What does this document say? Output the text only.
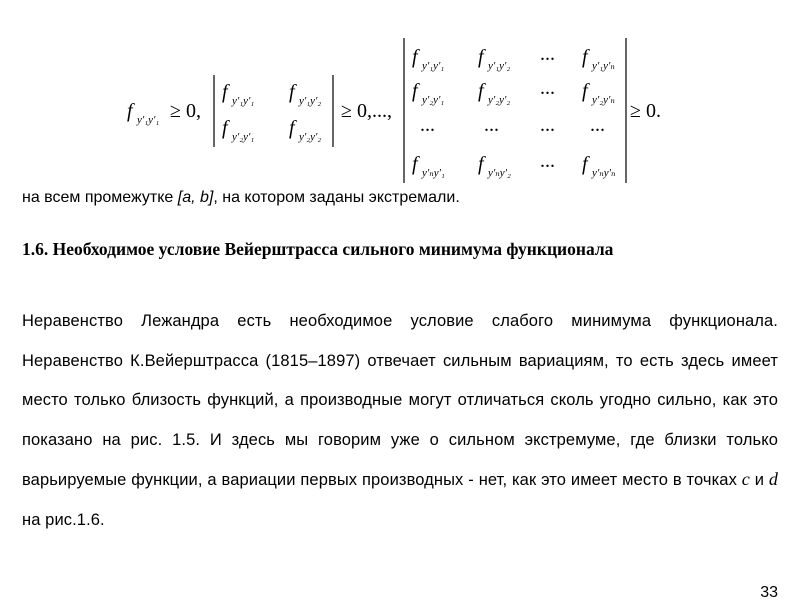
f y′₁y′₁ ≥ 0,
f y′₁y′₁ f y′₁y′₂
f y′₂y′₁ f y′₂y′₂
≥ 0,...,
f y′₁y′₁ f y′₁y′₂
... f y′₁y′ₙ
f y′₂y′₁ f y′₂y′₂
... f y′₂y′ₙ
... ... ... ...
f y′ₙy′₁ f y′ₙy′₂
... f y′ₙy′ₙ
≥ 0.
на всем промежутке [a, b], на котором заданы экстремали.
1.6. Необходимое условие Вейерштрасса сильного минимума функционала
Неравенство Лежандра есть необходимое условие слабого минимума функционала. Неравенство К.Вейерштрасса (1815–1897) отвечает сильным вариациям, то есть здесь имеет место только близость функций, а производные могут отличаться сколь угодно сильно, как это показано на рис. 1.5. И здесь мы говорим уже о сильном экстремуме, где близки только варьируемые функции, а вариации первых производных - нет, как это имеет место в точках c и d на рис.1.6.
33
